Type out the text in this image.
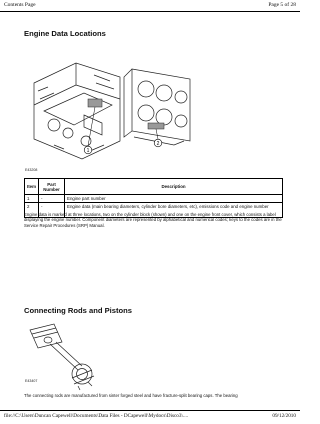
Contents Page	Page 5 of 28
Engine Data Locations
1
2
E43208
Item	Part Number	Description
1	-	Engine part number
2	-	Engine data (main bearing diameters, cylinder bore diameters, etc), emissions code and engine number

Engine data is marked at three locations, two on the cylinder block (shown) and one on the engine front cover, which consists a label displaying the engine number. Component diameters are represented by alphabetical and numerical codes; keys to the codes are in the Service Repair Procedures (SRP) Manual.

Connecting Rods and Pistons
E43407

The connecting rods are manufactured from sinter forged steel and have fracture-split bearing caps. The bearing

file://C:\Users\Duncan Capewell\Documents\Data Files - DCapewell\Mydocs\Disco3\....	09/12/2010
